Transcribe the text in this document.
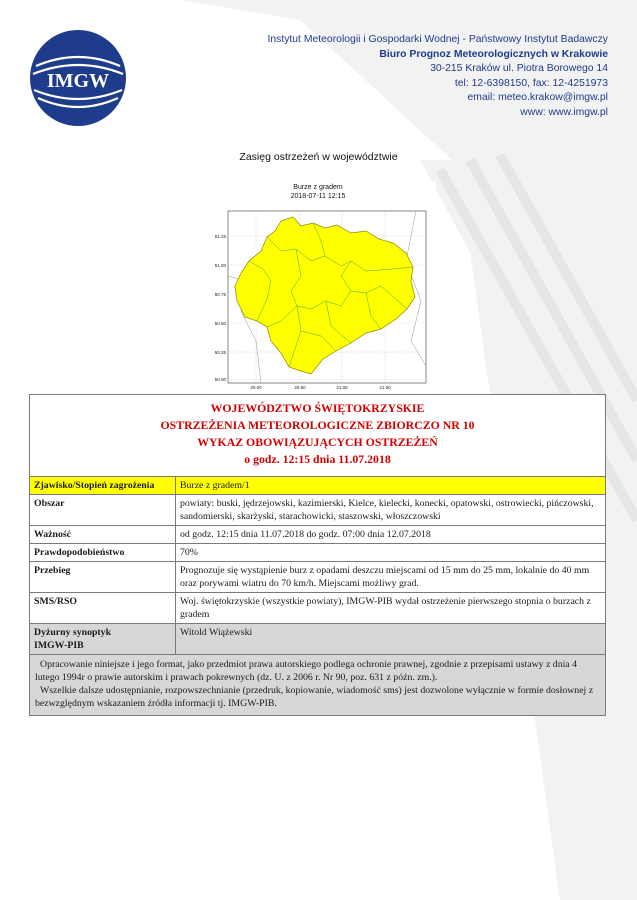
IMGW
Instytut Meteorologii i Gospodarki Wodnej - Państwowy Instytut Badawczy
Biuro Prognoz Meteorologicznych w Krakowie
30-215 Kraków ul. Piotra Borowego 14
tel: 12-6398150, fax: 12-4251973
email: meteo.krakow@imgw.pl
www: www.imgw.pl
Zasięg ostrzeżeń w województwie
Burze z gradem
2018-07-11 12:15
51.25
51.00
50.75
50.50
50.25
50.00
20.00	20.50	21.00	21.50
WOJEWÓDZTWO ŚWIĘTOKRZYSKIE
OSTRZEŻENIA METEOROLOGICZNE ZBIORCZO NR 10
WYKAZ OBOWIĄZUJĄCYCH OSTRZEŻEŃ
o godz. 12:15 dnia 11.07.2018	

Zjawisko/Stopień zagrożenia	Burze z gradem/1
Obszar	powiaty: buski, jędrzejowski, kazimierski, Kielce, kielecki, konecki, opatowski, ostrowiecki, pińczowski, sandomierski, skarżyski, starachowicki, staszowski, włoszczowski
Ważność	od godz. 12:15 dnia 11.07.2018 do godz. 07:00 dnia 12.07.2018
Prawdopodobieństwo	70%
Przebieg	Prognozuje się wystąpienie burz z opadami deszczu miejscami od 15 mm do 25 mm, lokalnie do 40 mm oraz porywami wiatru do 70 km/h. Miejscami możliwy grad.
SMS/RSO	Woj. świętokrzyskie (wszystkie powiaty), IMGW-PIB wydał ostrzeżenie pierwszego stopnia o burzach z gradem

Dyżurny synoptyk
IMGW-PIB	Witold Wiążewski

Opracowanie niniejsze i jego format, jako przedmiot prawa autorskiego podlega ochronie prawnej, zgodnie z przepisami ustawy z dnia 4 lutego 1994r o prawie autorskim i prawach pokrewnych (dz. U. z 2006 r. Nr 90, poz. 631 z późn. zm.).

Wszelkie dalsze udostępnianie, rozpowszechnianie (przedruk, kopiowanie, wiadomość sms) jest dozwolone wyłącznie w formie dosłownej z bezwzględnym wskazaniem źródła informacji tj. IMGW-PIB.	
